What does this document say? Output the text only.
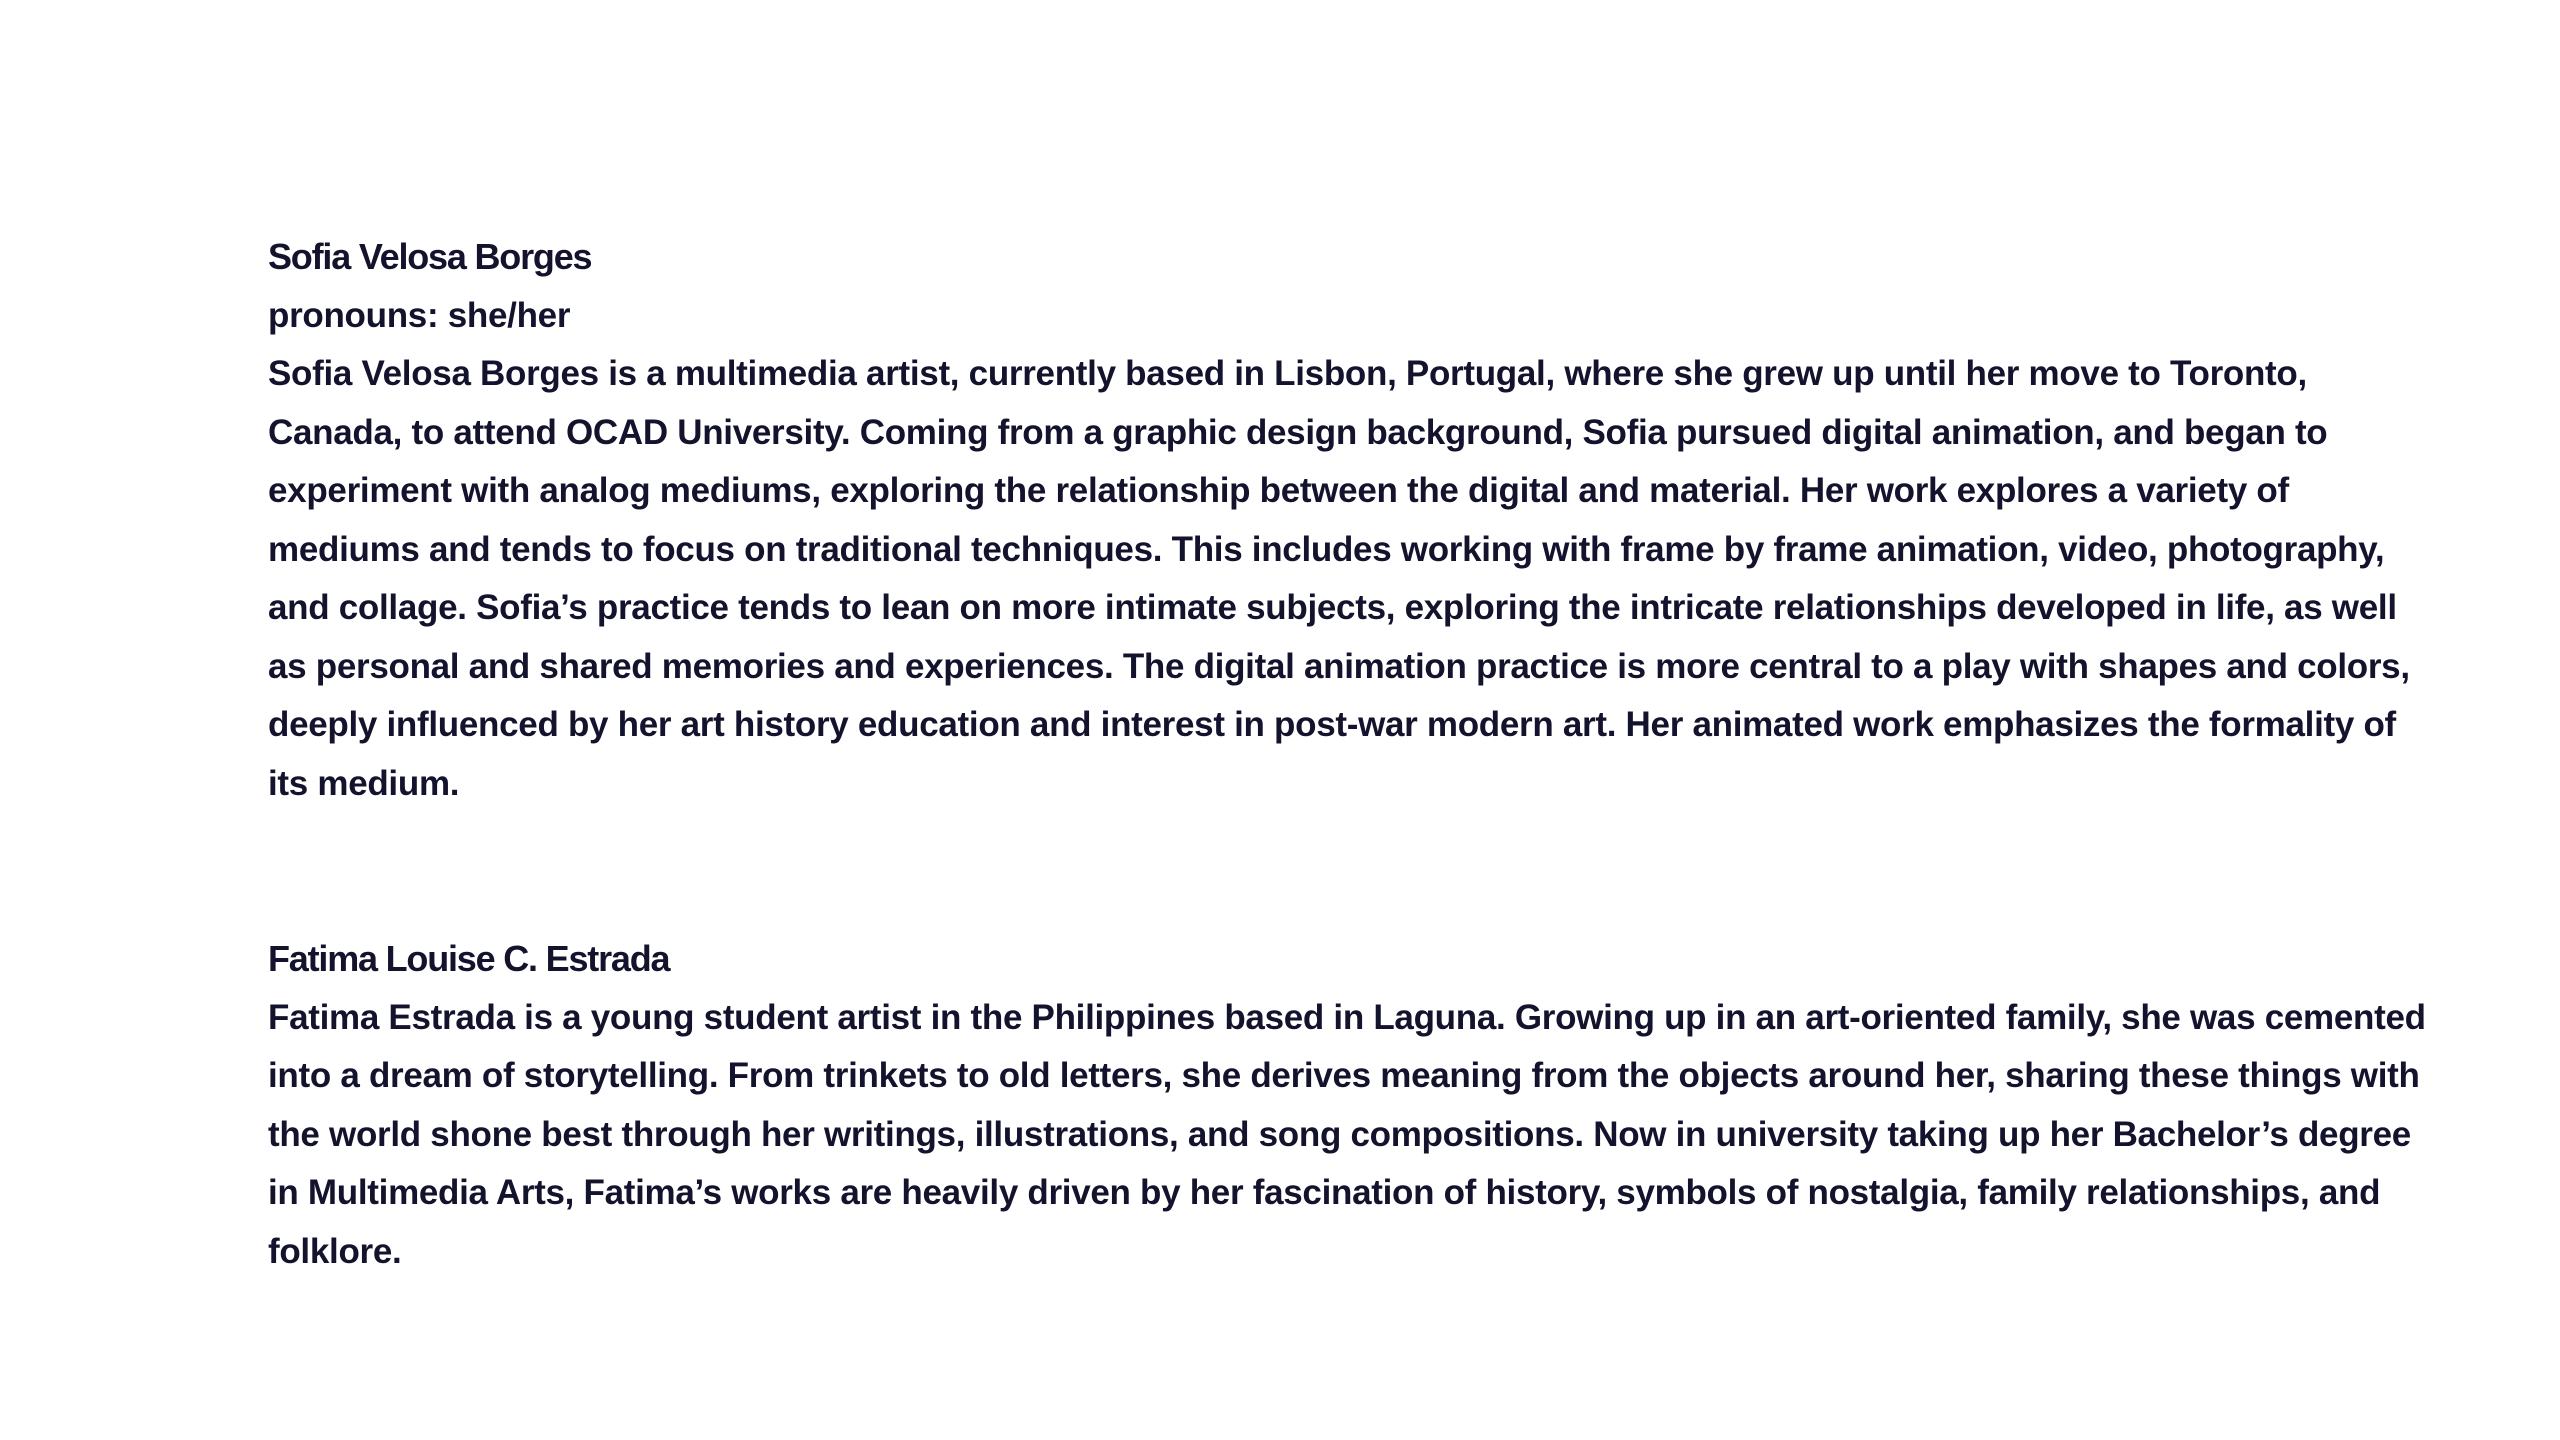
Sofia Velosa Borges

pronouns: she/her

Sofia Velosa Borges is a multimedia artist, currently based in Lisbon, Portugal, where she grew up until her move to Toronto, Canada, to attend OCAD University. Coming from a graphic design background, Sofia pursued digital animation, and began to experiment with analog mediums, exploring the relationship between the digital and material. Her work explores a variety of mediums and tends to focus on traditional techniques. This includes working with frame by frame animation, video, photography, and collage. Sofia’s practice tends to lean on more intimate subjects, exploring the intricate relationships developed in life, as well as personal and shared memories and experiences. The digital animation practice is more central to a play with shapes and colors, deeply influenced by her art history education and interest in post-war modern art. Her animated work emphasizes the formality of its medium.

Fatima Louise C. Estrada

Fatima Estrada is a young student artist in the Philippines based in Laguna. Growing up in an art-oriented family, she was cemented into a dream of storytelling. From trinkets to old letters, she derives meaning from the objects around her, sharing these things with the world shone best through her writings, illustrations, and song compositions. Now in university taking up her Bachelor’s degree in Multimedia Arts, Fatima’s works are heavily driven by her fascination of history, symbols of nostalgia, family relationships, and folklore.
